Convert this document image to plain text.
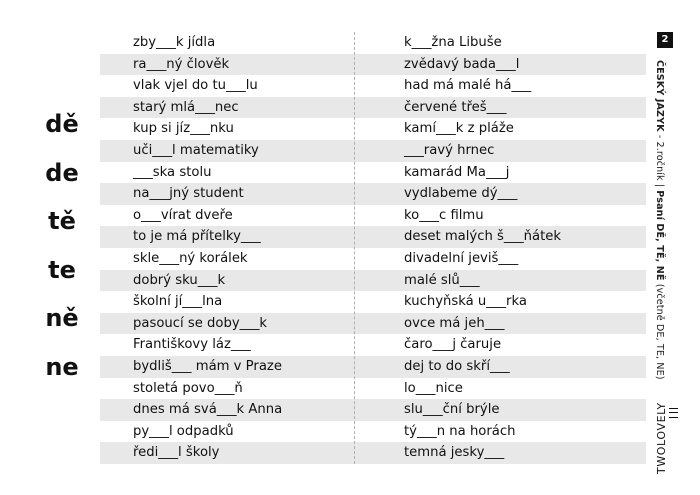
dě
de
tě
te
ně
ne
zby___k jídla	k___žna Libuše
ra___ný člověk	zvědavý bada___l
vlak vjel do tu___lu	had má malé há___
starý mlá___nec	červené třeš___
kup si jíz___nku	kamí___k z pláže
uči___l matematiky	___ravý hrnec
___ska stolu	kamarád Ma___j
na___jný student	vydlabeme dý___
o___vírat dveře	ko___c filmu
to je má přítelky___	deset malých š___ňátek
skle___ný korálek	divadelní jeviš___
dobrý sku___k	malé slů___
školní jí___lna	kuchyňská u___rka
pasoucí se doby___k	ovce má jeh___
Františkovy láz___	čaro___j čaruje
bydliš___ mám v Praze	dej to do skří___
stoletá povo___ň	lo___nice
dnes má svá___k Anna	slu___ční brýle
py___l odpadků	tý___n na horách
ředi___l školy	temná jesky___
2
ČESKÝ JAZYK - 2.ročník | Psaní DĚ, TĚ, NĚ (včetně DE, TE, NE)
TWOLOVELY
